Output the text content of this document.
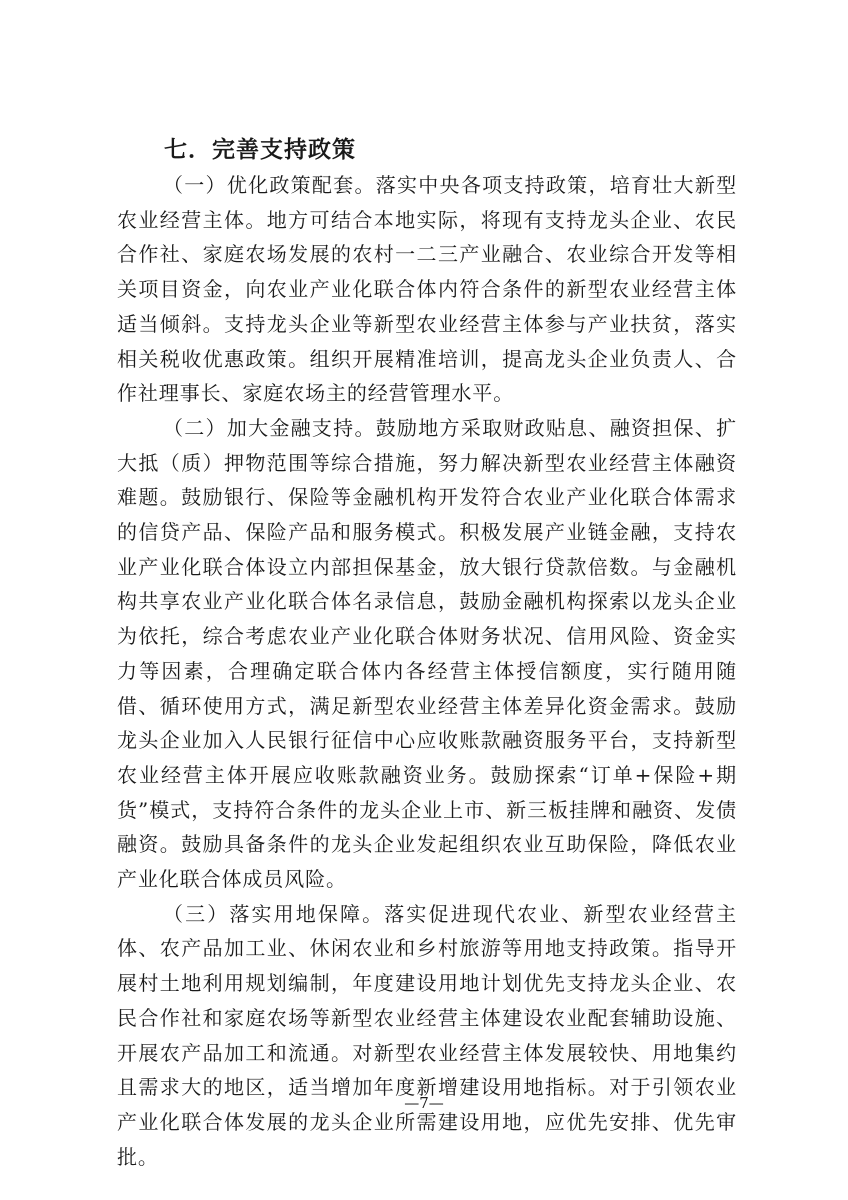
七．完善支持政策

（一）优化政策配套。落实中央各项支持政策，培育壮大新型农业经营主体。地方可结合本地实际，将现有支持龙头企业、农民合作社、家庭农场发展的农村一二三产业融合、农业综合开发等相关项目资金，向农业产业化联合体内符合条件的新型农业经营主体适当倾斜。支持龙头企业等新型农业经营主体参与产业扶贫，落实相关税收优惠政策。组织开展精准培训，提高龙头企业负责人、合作社理事长、家庭农场主的经营管理水平。

（二）加大金融支持。鼓励地方采取财政贴息、融资担保、扩大抵（质）押物范围等综合措施，努力解决新型农业经营主体融资难题。鼓励银行、保险等金融机构开发符合农业产业化联合体需求的信贷产品、保险产品和服务模式。积极发展产业链金融，支持农业产业化联合体设立内部担保基金，放大银行贷款倍数。与金融机构共享农业产业化联合体名录信息，鼓励金融机构探索以龙头企业为依托，综合考虑农业产业化联合体财务状况、信用风险、资金实力等因素，合理确定联合体内各经营主体授信额度，实行随用随借、循环使用方式，满足新型农业经营主体差异化资金需求。鼓励龙头企业加入人民银行征信中心应收账款融资服务平台，支持新型农业经营主体开展应收账款融资业务。鼓励探索“订单+保险+期货”模式，支持符合条件的龙头企业上市、新三板挂牌和融资、发债融资。鼓励具备条件的龙头企业发起组织农业互助保险，降低农业产业化联合体成员风险。

（三）落实用地保障。落实促进现代农业、新型农业经营主体、农产品加工业、休闲农业和乡村旅游等用地支持政策。指导开展村土地利用规划编制，年度建设用地计划优先支持龙头企业、农民合作社和家庭农场等新型农业经营主体建设农业配套辅助设施、开展农产品加工和流通。对新型农业经营主体发展较快、用地集约且需求大的地区，适当增加年度新增建设用地指标。对于引领农业产业化联合体发展的龙头企业所需建设用地，应优先安排、优先审批。

—7—
